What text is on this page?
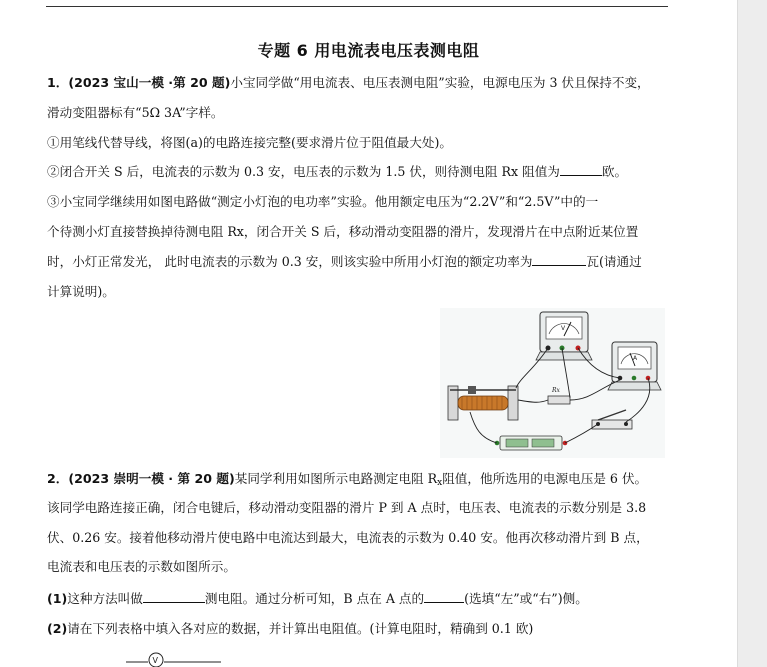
专题 6 用电流表电压表测电阻
1．(2023 宝山一模 ·第 20 题)小宝同学做“用电流表、电压表测电阻”实验，电源电压为 3 伏且保持不变，
滑动变阻器标有“5Ω 3A”字样。
①用笔线代替导线，将图(a)的电路连接完整(要求滑片位于阻值最大处)。
②闭合开关 S 后，电流表的示数为 0.3 安，电压表的示数为 1.5 伏，则待测电阻 Rx 阻值为	欧。
③小宝同学继续用如图电路做“测定小灯泡的电功率”实验。他用额定电压为“2.2V”和“2.5V”中的一
个待测小灯直接替换掉待测电阻 Rx，闭合开关 S 后，移动滑动变阻器的滑片，发现滑片在中点附近某位置
时，小灯正常发光， 此时电流表的示数为 0.3 安，则该实验中所用小灯泡的额定功率为	瓦(请通过
计算说明)。
V
A
Rx
2．(2023 崇明一模 · 第 20 题)某同学利用如图所示电路测定电阻 $R_x$阻值，他所选用的电源电压是 6 伏。
该同学电路连接正确，闭合电键后，移动滑动变阻器的滑片 P 到 A 点时，电压表、电流表的示数分别是 3.8
伏、0.26 安。接着他移动滑片使电路中电流达到最大，电流表的示数为 0.40 安。他再次移动滑片到 B 点，
电流表和电压表的示数如图所示。
(1)这种方法叫做	测电阻。通过分析可知，B 点在 A 点的	(选填“左”或“右”)侧。
(2)请在下列表格中填入各对应的数据，并计算出电阻值。(计算电阻时，精确到 0.1 欧)
V
